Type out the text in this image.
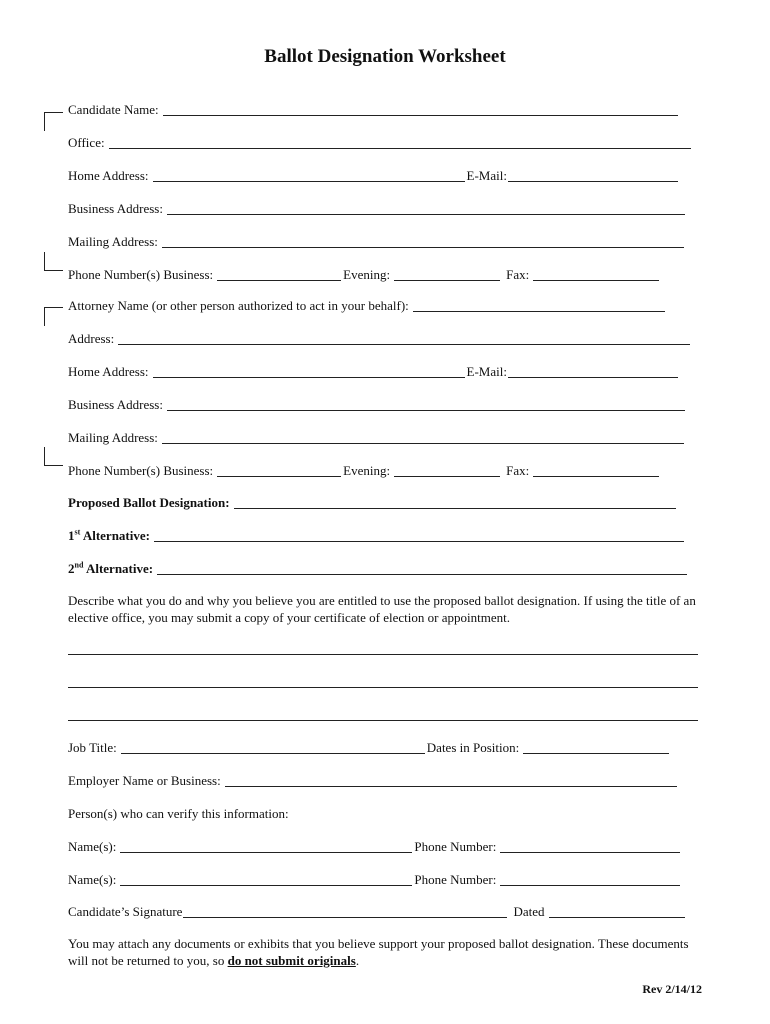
Ballot Designation Worksheet
Candidate Name:
Office:
Home Address:	E-Mail:
Business Address:
Mailing Address:
Phone Number(s) Business:	Evening:	Fax:
Attorney Name (or other person authorized to act in your behalf):
Address:
Home Address:	E-Mail:
Business Address:
Mailing Address:
Phone Number(s) Business:	Evening:	Fax:
Proposed Ballot Designation:
1st Alternative:
2nd Alternative:
Describe what you do and why you believe you are entitled to use the proposed ballot designation. If using the title of an elective office, you may submit a copy of your certificate of election or appointment.
Job Title:	Dates in Position:
Employer Name or Business:
Person(s) who can verify this information:
Name(s):	Phone Number:
Name(s):	Phone Number:
Candidate’s Signature	Dated
You may attach any documents or exhibits that you believe support your proposed ballot designation. These documents will not be returned to you, so do not submit originals.
Rev 2/14/12
